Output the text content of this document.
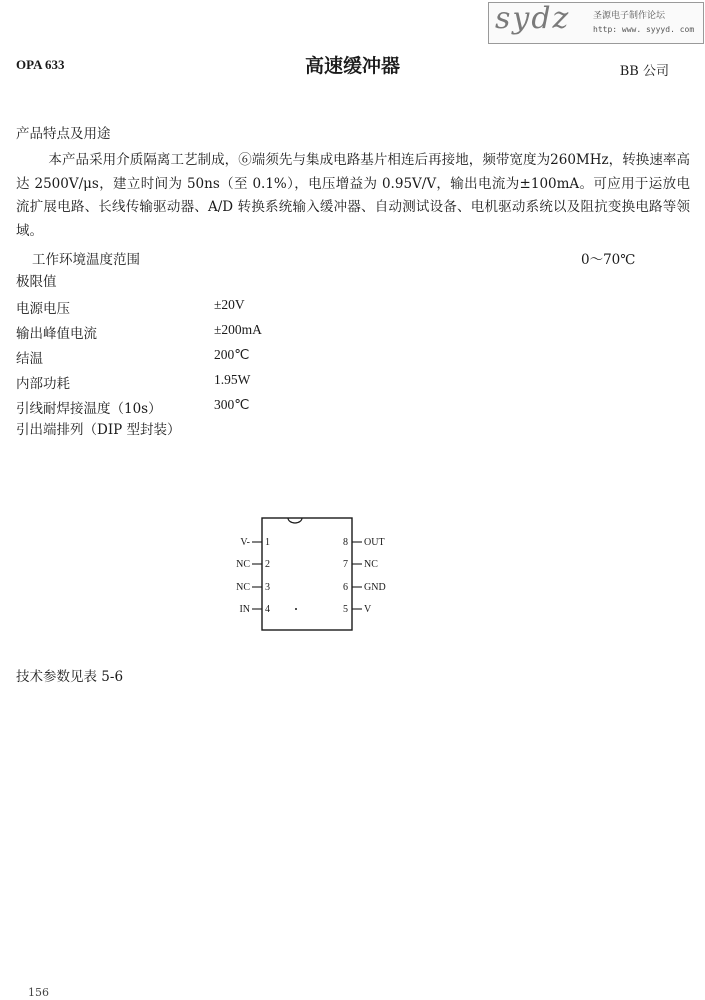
sydz	圣源电子制作论坛
http: www. syyyd. com
OPA 633	高速缓冲器	BB 公司
产品特点及用途
本产品采用介质隔离工艺制成，⑥端须先与集成电路基片相连后再接地，频带宽度为260MHz，转换速率高达 2500V/μs，建立时间为 50ns（至 0.1%），电压增益为 0.95V/V，输出电流为±100mA。可应用于运放电流扩展电路、长线传输驱动器、A/D 转换系统输入缓冲器、自动测试设备、电机驱动系统以及阻抗变换电路等领域。
工作环境温度范围	0～70℃
极限值
电源电压	±20V
输出峰值电流	±200mA
结温	200℃
内部功耗	1.95W
引线耐焊接温度（10s）	300℃
引出端排列（DIP 型封装）
V-
NC
NC
IN
1
2
3
4
8
7
6
5
OUT
NC
GND
V
技术参数见表 5-6
156
